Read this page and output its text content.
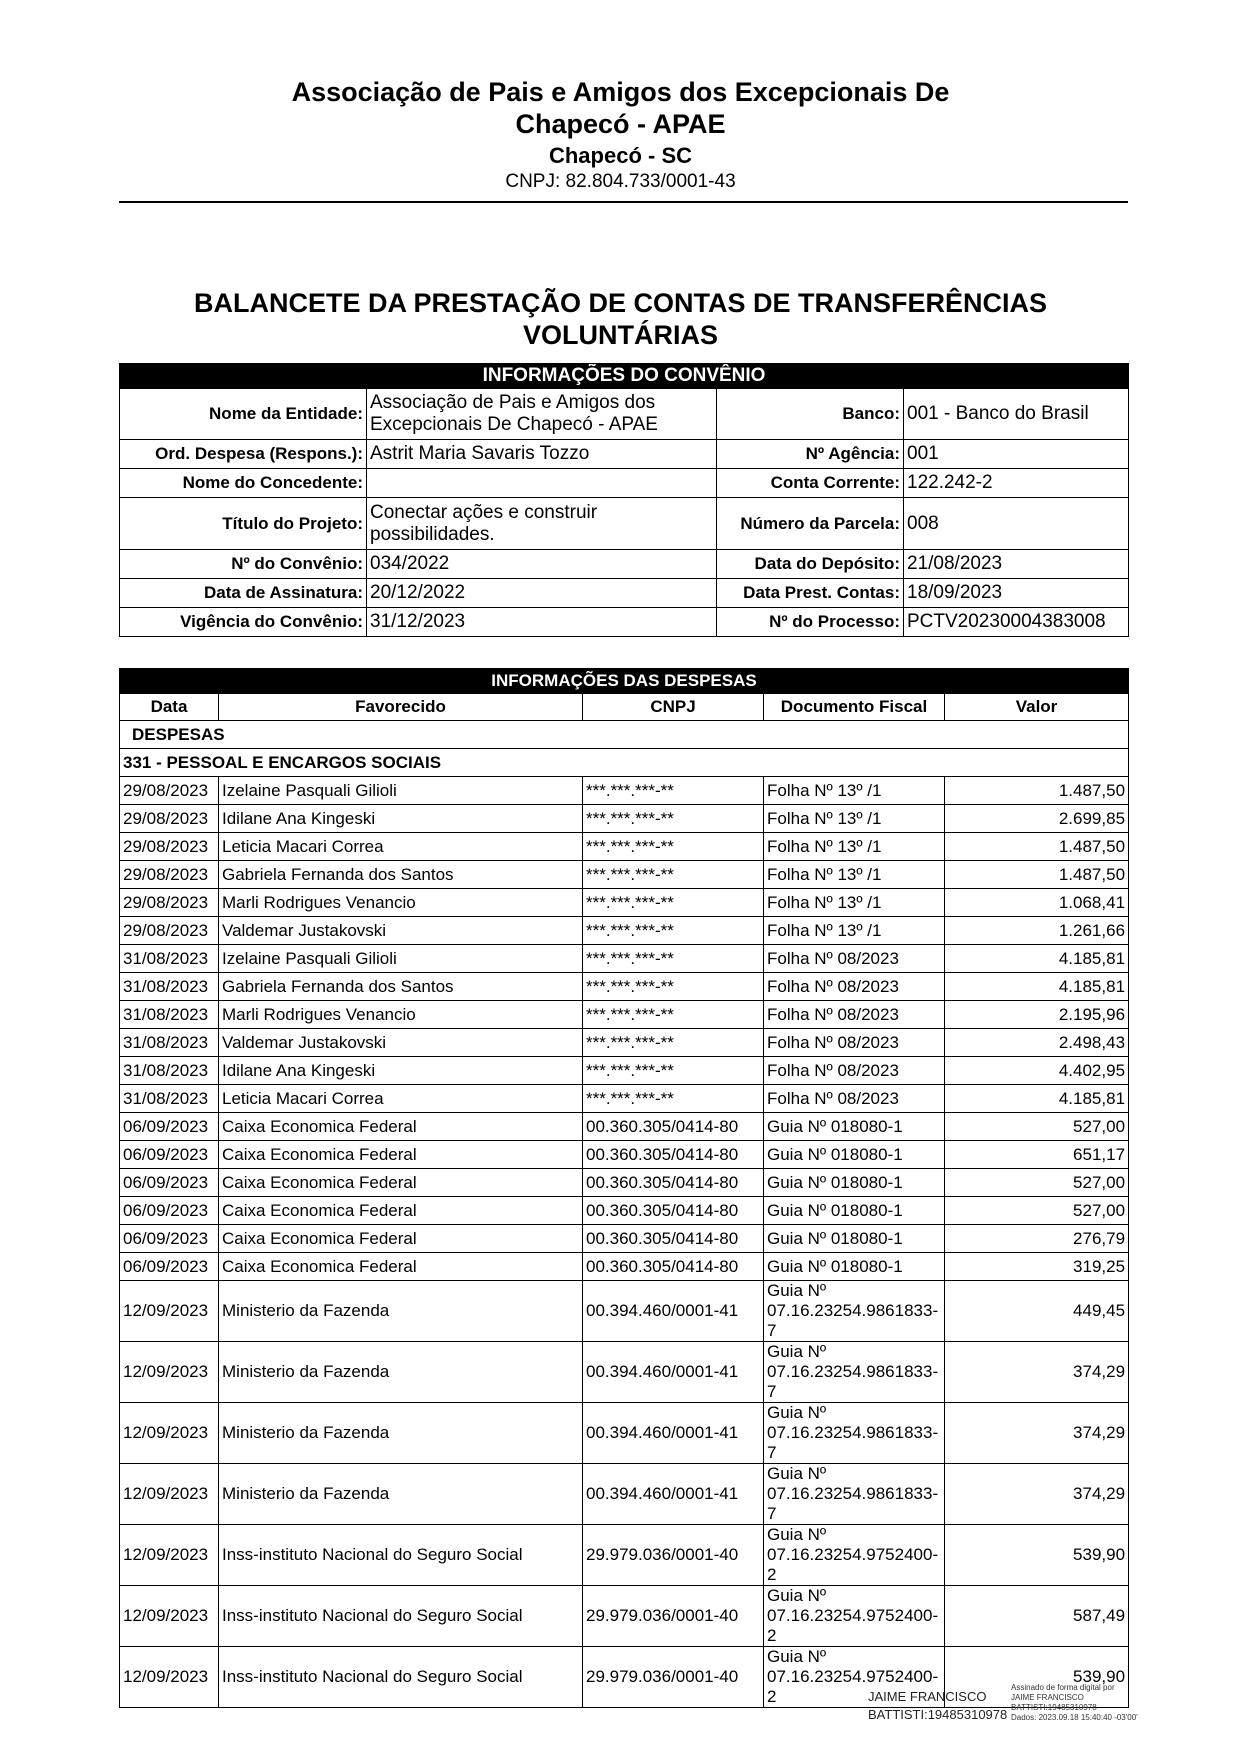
Associação de Pais e Amigos dos Excepcionais De
Chapecó - APAE
Chapecó - SC
CNPJ: 82.804.733/0001-43
BALANCETE DA PRESTAÇÃO DE CONTAS DE TRANSFERÊNCIAS
VOLUNTÁRIAS
INFORMAÇÕES DO CONVÊNIO			
Nome da Entidade:	Associação de Pais e Amigos dos Excepcionais De Chapecó - APAE	Banco:	001 - Banco do Brasil
Ord. Despesa (Respons.):	Astrit Maria Savaris Tozzo	Nº Agência:	001
Nome do Concedente:		Conta Corrente:	122.242-2
Título do Projeto:	Conectar ações e construir possibilidades.	Número da Parcela:	008
Nº do Convênio:	034/2022	Data do Depósito:	21/08/2023
Data de Assinatura:	20/12/2022	Data Prest. Contas:	18/09/2023
Vigência do Convênio:	31/12/2023	Nº do Processo:	PCTV20230004383008
INFORMAÇÕES DAS DESPESAS				
Data	Favorecido	CNPJ	Documento Fiscal	Valor
DESPESAS				
331 - PESSOAL E ENCARGOS SOCIAIS				
29/08/2023	Izelaine Pasquali Gilioli	***.***.***-**	Folha Nº 13º /1	1.487,50
29/08/2023	Idilane Ana Kingeski	***.***.***-**	Folha Nº 13º /1	2.699,85
29/08/2023	Leticia Macari Correa	***.***.***-**	Folha Nº 13º /1	1.487,50
29/08/2023	Gabriela Fernanda dos Santos	***.***.***-**	Folha Nº 13º /1	1.487,50
29/08/2023	Marli Rodrigues Venancio	***.***.***-**	Folha Nº 13º /1	1.068,41
29/08/2023	Valdemar Justakovski	***.***.***-**	Folha Nº 13º /1	1.261,66
31/08/2023	Izelaine Pasquali Gilioli	***.***.***-**	Folha Nº 08/2023	4.185,81
31/08/2023	Gabriela Fernanda dos Santos	***.***.***-**	Folha Nº 08/2023	4.185,81
31/08/2023	Marli Rodrigues Venancio	***.***.***-**	Folha Nº 08/2023	2.195,96
31/08/2023	Valdemar Justakovski	***.***.***-**	Folha Nº 08/2023	2.498,43
31/08/2023	Idilane Ana Kingeski	***.***.***-**	Folha Nº 08/2023	4.402,95
31/08/2023	Leticia Macari Correa	***.***.***-**	Folha Nº 08/2023	4.185,81
06/09/2023	Caixa Economica Federal	00.360.305/0414-80	Guia Nº 018080-1	527,00
06/09/2023	Caixa Economica Federal	00.360.305/0414-80	Guia Nº 018080-1	651,17
06/09/2023	Caixa Economica Federal	00.360.305/0414-80	Guia Nº 018080-1	527,00
06/09/2023	Caixa Economica Federal	00.360.305/0414-80	Guia Nº 018080-1	527,00
06/09/2023	Caixa Economica Federal	00.360.305/0414-80	Guia Nº 018080-1	276,79
06/09/2023	Caixa Economica Federal	00.360.305/0414-80	Guia Nº 018080-1	319,25
12/09/2023	Ministerio da Fazenda	00.394.460/0001-41	Guia Nº
07.16.23254.9861833-7	449,45
12/09/2023	Ministerio da Fazenda	00.394.460/0001-41	Guia Nº
07.16.23254.9861833-7	374,29
12/09/2023	Ministerio da Fazenda	00.394.460/0001-41	Guia Nº
07.16.23254.9861833-7	374,29
12/09/2023	Ministerio da Fazenda	00.394.460/0001-41	Guia Nº
07.16.23254.9861833-7	374,29
12/09/2023	Inss-instituto Nacional do Seguro Social	29.979.036/0001-40	Guia Nº
07.16.23254.9752400-2	539,90
12/09/2023	Inss-instituto Nacional do Seguro Social	29.979.036/0001-40	Guia Nº
07.16.23254.9752400-2	587,49
12/09/2023	Inss-instituto Nacional do Seguro Social	29.979.036/0001-40	Guia Nº
07.16.23254.9752400-2	539,90
JAIME FRANCISCO
BATTISTI:19485310978
Assinado de forma digital por
JAIME FRANCISCO
BATTISTI:19485310978
Dados: 2023.09.18 15:40:40 -03'00'
